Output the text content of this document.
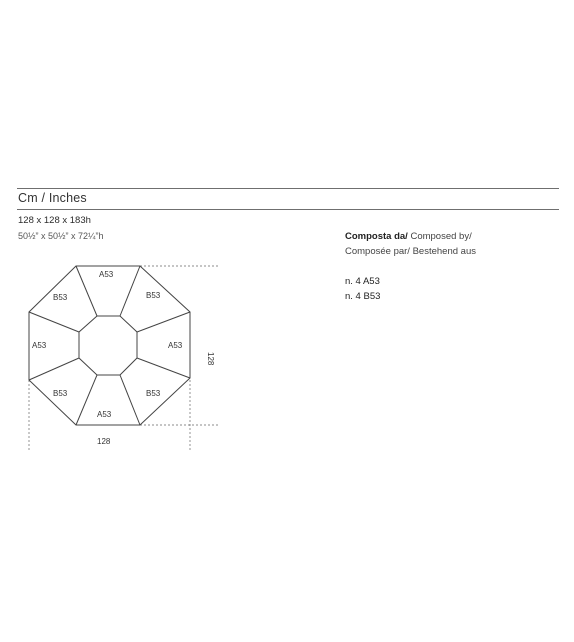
Cm / Inches
128 x 128 x 183h
50½” x 50½” x 72¼”h	Composta da/ Composed by/
Composée par/ Bestehend aus
n. 4 A53
n. 4 B53
A53
B53
A53
B53
A53
B53
A53
B53
128
128
